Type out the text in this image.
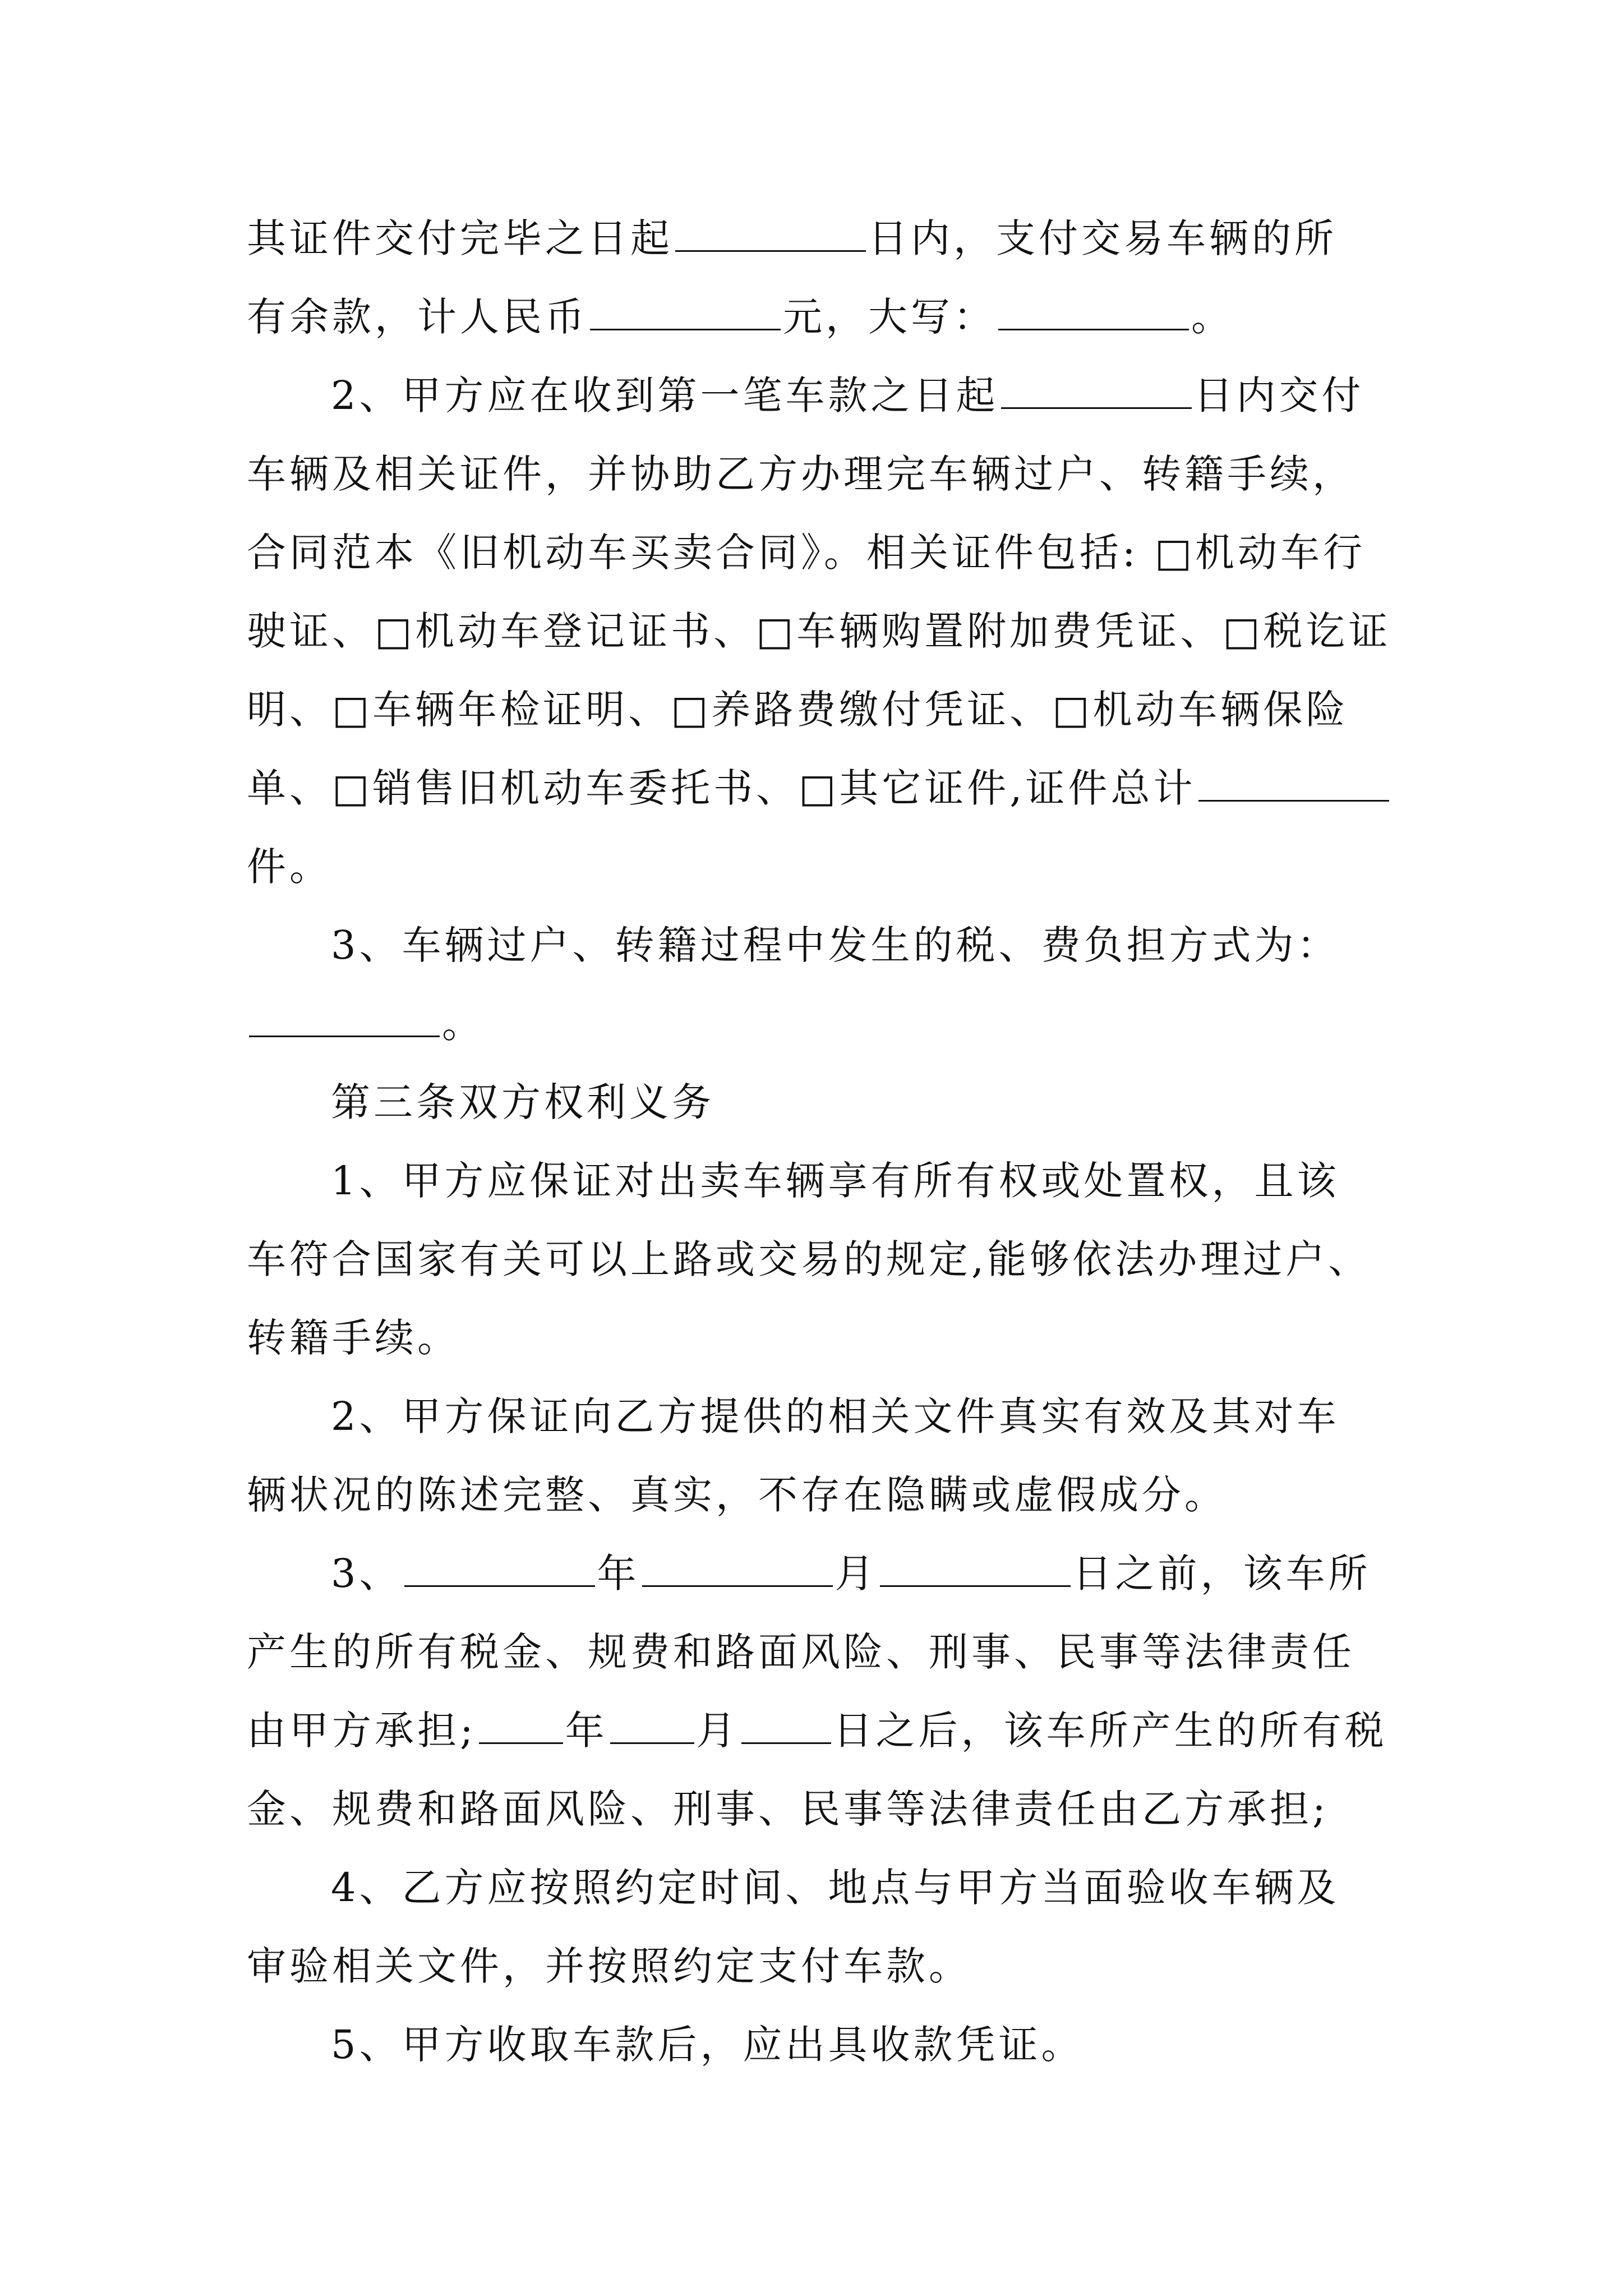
其证件交付完毕之日起	日内，支付交易车辆的所
有余款，计人民币	元，大写：	。
2、甲方应在收到第一笔车款之日起	日内交付
车辆及相关证件，并协助乙方办理完车辆过户、转籍手续，
合同范本《旧机动车买卖合同》。相关证件包括: □机动车行
驶证、□机动车登记证书、□车辆购置附加费凭证、□税讫证
明、□车辆年检证明、□养路费缴付凭证、□机动车辆保险
单、□销售旧机动车委托书、□其它证件,证件总计
件。
3、车辆过户、转籍过程中发生的税、费负担方式为：
。
第三条双方权利义务
1、甲方应保证对出卖车辆享有所有权或处置权，且该
车符合国家有关可以上路或交易的规定,能够依法办理过户、
转籍手续。
2、甲方保证向乙方提供的相关文件真实有效及其对车
辆状况的陈述完整、真实，不存在隐瞒或虚假成分。
3、	年	月	日之前，该车所
产生的所有税金、规费和路面风险、刑事、民事等法律责任
由甲方承担; 年 月 日之后，该车所产生的所有税
金、规费和路面风险、刑事、民事等法律责任由乙方承担;
4、乙方应按照约定时间、地点与甲方当面验收车辆及
审验相关文件，并按照约定支付车款。
5、甲方收取车款后，应出具收款凭证。
